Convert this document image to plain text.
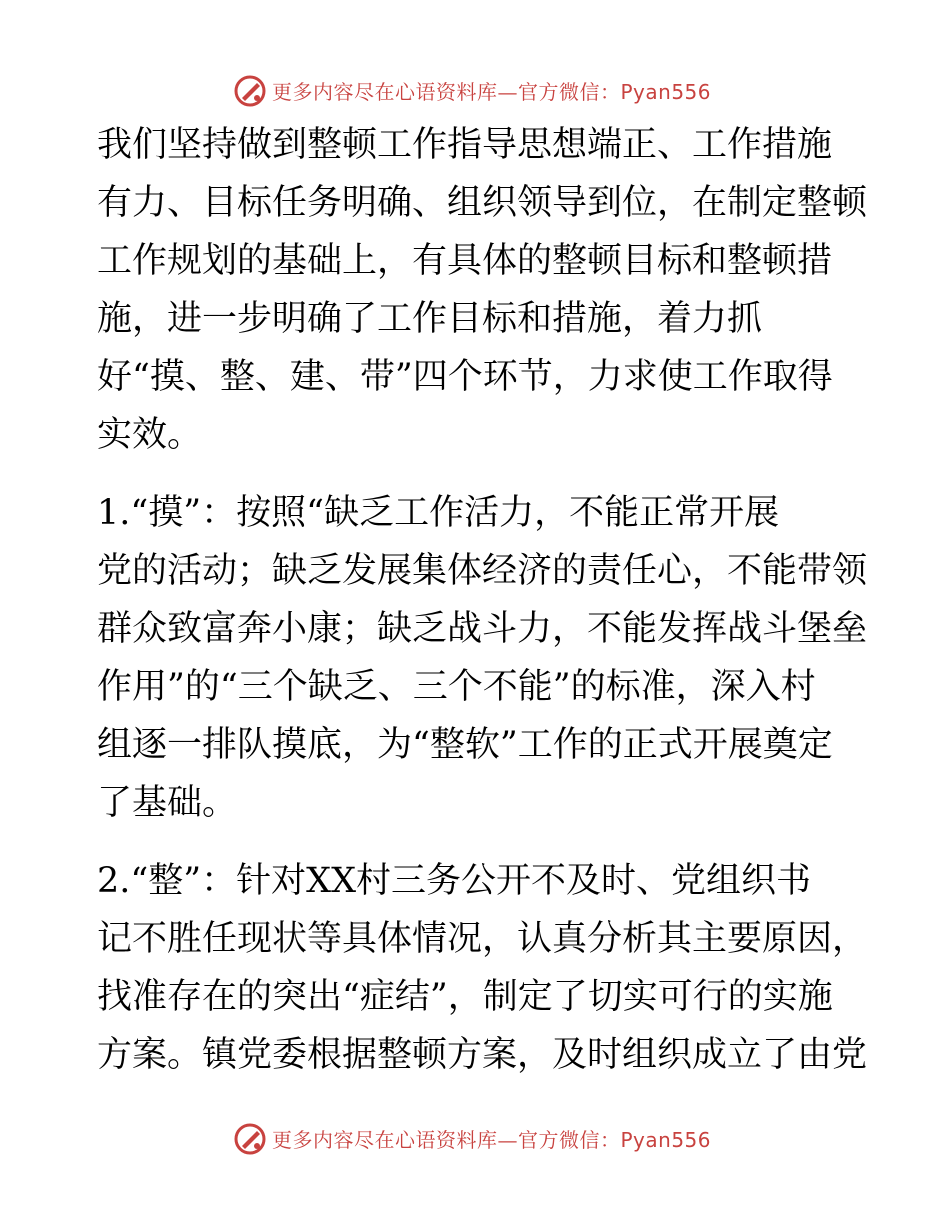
更多内容尽在心语资料库—官方微信：Pyan556
我们坚持做到整顿工作指导思想端正、工作措施
有力、目标任务明确、组织领导到位，在制定整顿
工作规划的基础上，有具体的整顿目标和整顿措
施，进一步明确了工作目标和措施，着力抓
好“摸、整、建、带”四个环节，力求使工作取得
实效。
1.“摸”：按照“缺乏工作活力，不能正常开展
党的活动；缺乏发展集体经济的责任心，不能带领
群众致富奔小康；缺乏战斗力，不能发挥战斗堡垒
作用”的“三个缺乏、三个不能”的标准，深入村
组逐一排队摸底，为“整软”工作的正式开展奠定
了基础。
2.“整”：针对XX村三务公开不及时、党组织书
记不胜任现状等具体情况，认真分析其主要原因，
找准存在的突出“症结”，制定了切实可行的实施
方案。镇党委根据整顿方案，及时组织成立了由党
更多内容尽在心语资料库—官方微信：Pyan556
